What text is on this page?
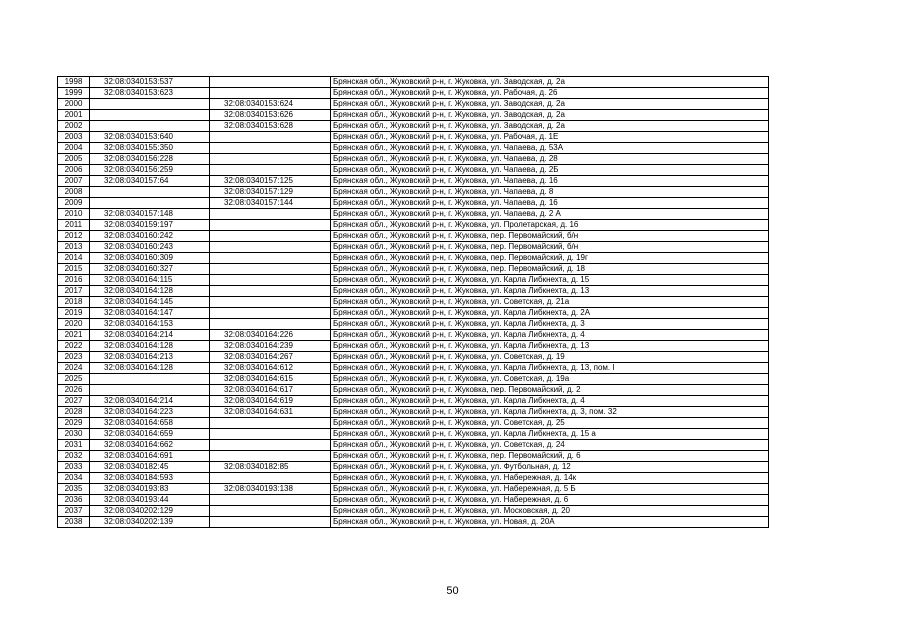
1998	32:08:0340153:537		Брянская обл., Жуковский р-н, г. Жуковка, ул. Заводская, д. 2а
1999	32:08:0340153:623		Брянская обл., Жуковский р-н, г. Жуковка, ул. Рабочая, д. 26
2000		32:08:0340153:624	Брянская обл., Жуковский р-н, г. Жуковка, ул. Заводская, д. 2а
2001		32:08:0340153:626	Брянская обл., Жуковский р-н, г. Жуковка, ул. Заводская, д. 2а
2002		32:08:0340153:628	Брянская обл., Жуковский р-н, г. Жуковка, ул. Заводская, д. 2а
2003	32:08:0340153:640		Брянская обл., Жуковский р-н, г. Жуковка, ул. Рабочая, д. 1Е
2004	32:08:0340155:350		Брянская обл., Жуковский р-н, г. Жуковка, ул. Чапаева, д. 53А
2005	32:08:0340156:228		Брянская обл., Жуковский р-н, г. Жуковка, ул. Чапаева, д. 28
2006	32:08:0340156:259		Брянская обл., Жуковский р-н, г. Жуковка, ул. Чапаева, д. 2Б
2007	32:08:0340157:64	32:08:0340157:125	Брянская обл., Жуковский р-н, г. Жуковка, ул. Чапаева, д. 16
2008		32:08:0340157:129	Брянская обл., Жуковский р-н, г. Жуковка, ул. Чапаева, д. 8
2009		32:08:0340157:144	Брянская обл., Жуковский р-н, г. Жуковка, ул. Чапаева, д. 16
2010	32:08:0340157:148		Брянская обл., Жуковский р-н, г. Жуковка, ул. Чапаева, д. 2 А
2011	32:08:0340159:197		Брянская обл., Жуковский р-н, г. Жуковка, ул. Пролетарская, д. 16
2012	32:08:0340160:242		Брянская обл., Жуковский р-н, г. Жуковка, пер. Первомайский, б/н
2013	32:08:0340160:243		Брянская обл., Жуковский р-н, г. Жуковка, пер. Первомайский, б/н
2014	32:08:0340160:309		Брянская обл., Жуковский р-н, г. Жуковка, пер. Первомайский, д. 19г
2015	32:08:0340160:327		Брянская обл., Жуковский р-н, г. Жуковка, пер. Первомайский, д. 18
2016	32:08:0340164:115		Брянская обл., Жуковский р-н, г. Жуковка, ул. Карла Либкнехта, д. 15
2017	32:08:0340164:128		Брянская обл., Жуковский р-н, г. Жуковка, ул. Карла Либкнехта, д. 13
2018	32:08:0340164:145		Брянская обл., Жуковский р-н, г. Жуковка, ул. Советская, д. 21а
2019	32:08:0340164:147		Брянская обл., Жуковский р-н, г. Жуковка, ул. Карла Либкнехта, д. 2А
2020	32:08:0340164:153		Брянская обл., Жуковский р-н, г. Жуковка, ул. Карла Либкнехта, д. 3
2021	32:08:0340164:214	32:08:0340164:226	Брянская обл., Жуковский р-н, г. Жуковка, ул. Карла Либкнехта, д. 4
2022	32:08:0340164:128	32:08:0340164:239	Брянская обл., Жуковский р-н, г. Жуковка, ул. Карла Либкнехта, д. 13
2023	32:08:0340164:213	32:08:0340164:267	Брянская обл., Жуковский р-н, г. Жуковка, ул. Советская, д. 19
2024	32:08:0340164:128	32:08:0340164:612	Брянская обл., Жуковский р-н, г. Жуковка, ул. Карла Либкнехта, д. 13, пом. I
2025		32:08:0340164:615	Брянская обл., Жуковский р-н, г. Жуковка, ул. Советская, д. 19а
2026		32:08:0340164:617	Брянская обл., Жуковский р-н, г. Жуковка, пер. Первомайский, д. 2
2027	32:08:0340164:214	32:08:0340164:619	Брянская обл., Жуковский р-н, г. Жуковка, ул. Карла Либкнехта, д. 4
2028	32:08:0340164:223	32:08:0340164:631	Брянская обл., Жуковский р-н, г. Жуковка, ул. Карла Либкнехта, д. 3, пом. 32
2029	32:08:0340164:658		Брянская обл., Жуковский р-н, г. Жуковка, ул. Советская, д. 25
2030	32:08:0340164:659		Брянская обл., Жуковский р-н, г. Жуковка, ул. Карла Либкнехта, д. 15 а
2031	32:08:0340164:662		Брянская обл., Жуковский р-н, г. Жуковка, ул. Советская, д. 24
2032	32:08:0340164:691		Брянская обл., Жуковский р-н, г. Жуковка, пер. Первомайский, д. 6
2033	32:08:0340182:45	32:08:0340182:85	Брянская обл., Жуковский р-н, г. Жуковка, ул. Футбольная, д. 12
2034	32:08:0340184:593		Брянская обл., Жуковский р-н, г. Жуковка, ул. Набережная, д. 14к
2035	32:08:0340193:83	32:08:0340193:138	Брянская обл., Жуковский р-н, г. Жуковка, ул. Набережная, д. 5 Б
2036	32:08:0340193:44		Брянская обл., Жуковский р-н, г. Жуковка, ул. Набережная, д. 6
2037	32:08:0340202:129		Брянская обл., Жуковский р-н, г. Жуковка, ул. Московская, д. 20
2038	32:08:0340202:139		Брянская обл., Жуковский р-н, г. Жуковка, ул. Новая, д. 20А
50
